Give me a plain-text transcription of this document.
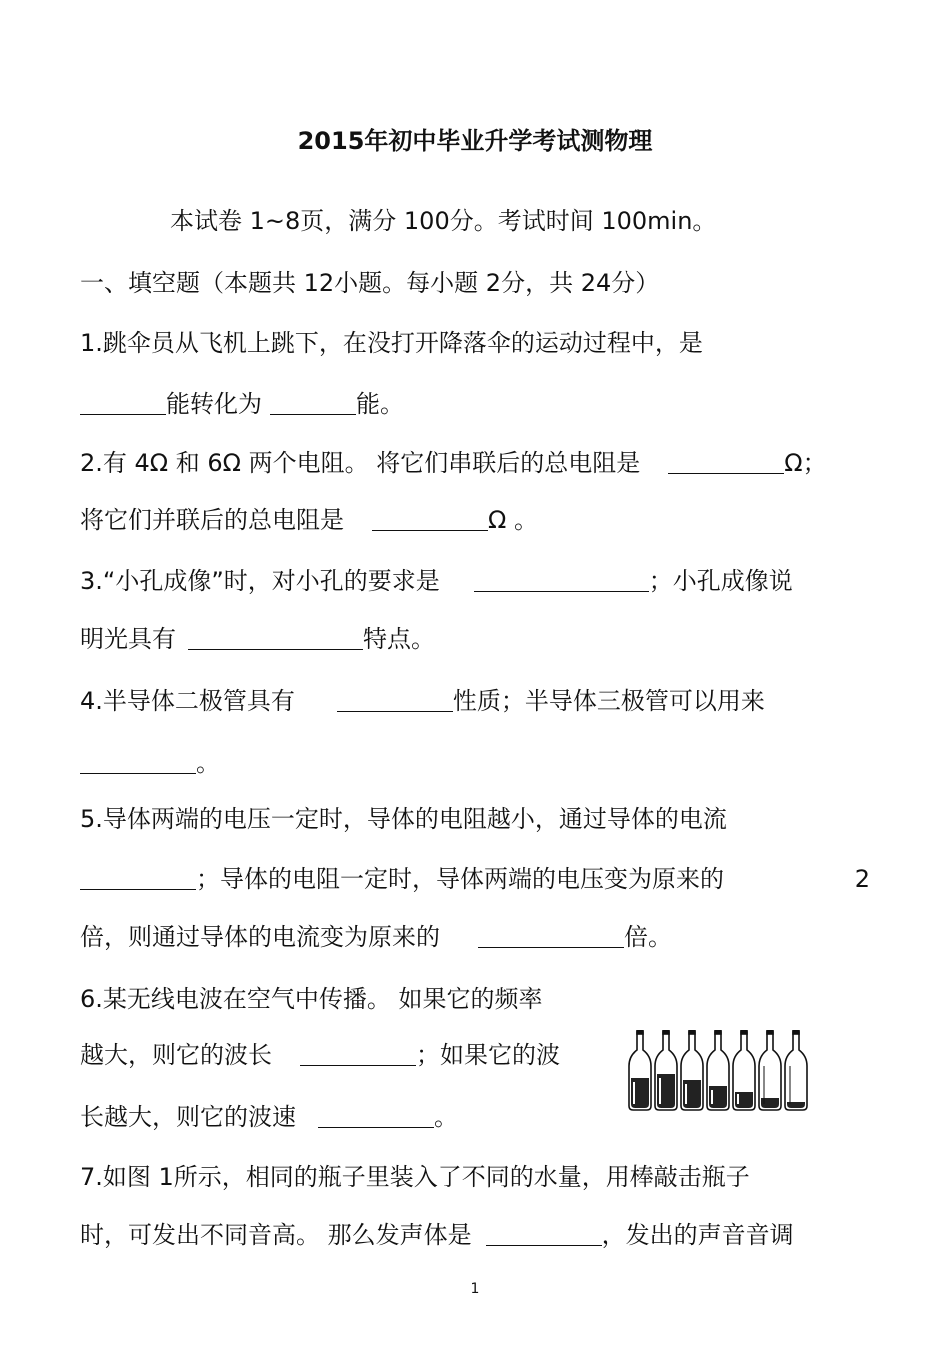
2015年初中毕业升学考试测物理
本试卷 1~8页，满分 100分。考试时间 100min。
一、填空题（本题共 12小题。每小题 2分，共 24分）
1.跳伞员从飞机上跳下，在没打开降落伞的运动过程中，是
能转化为	能。
2.有 4Ω 和 6Ω 两个电阻。 将它们串联后的总电阻是	Ω；
将它们并联后的总电阻是	Ω 。
3.“小孔成像”时，对小孔的要求是	；小孔成像说
明光具有	特点。
4.半导体二极管具有	性质；半导体三极管可以用来
。
5.导体两端的电压一定时，导体的电阻越小，通过导体的电流
；导体的电阻一定时，导体两端的电压变为原来的	2
倍，则通过导体的电流变为原来的	倍。
6.某无线电波在空气中传播。 如果它的频率
越大，则它的波长	；如果它的波
长越大，则它的波速	。
7.如图 1所示，相同的瓶子里装入了不同的水量，用棒敲击瓶子
时，可发出不同音高。 那么发声体是	，发出的声音音调
1
